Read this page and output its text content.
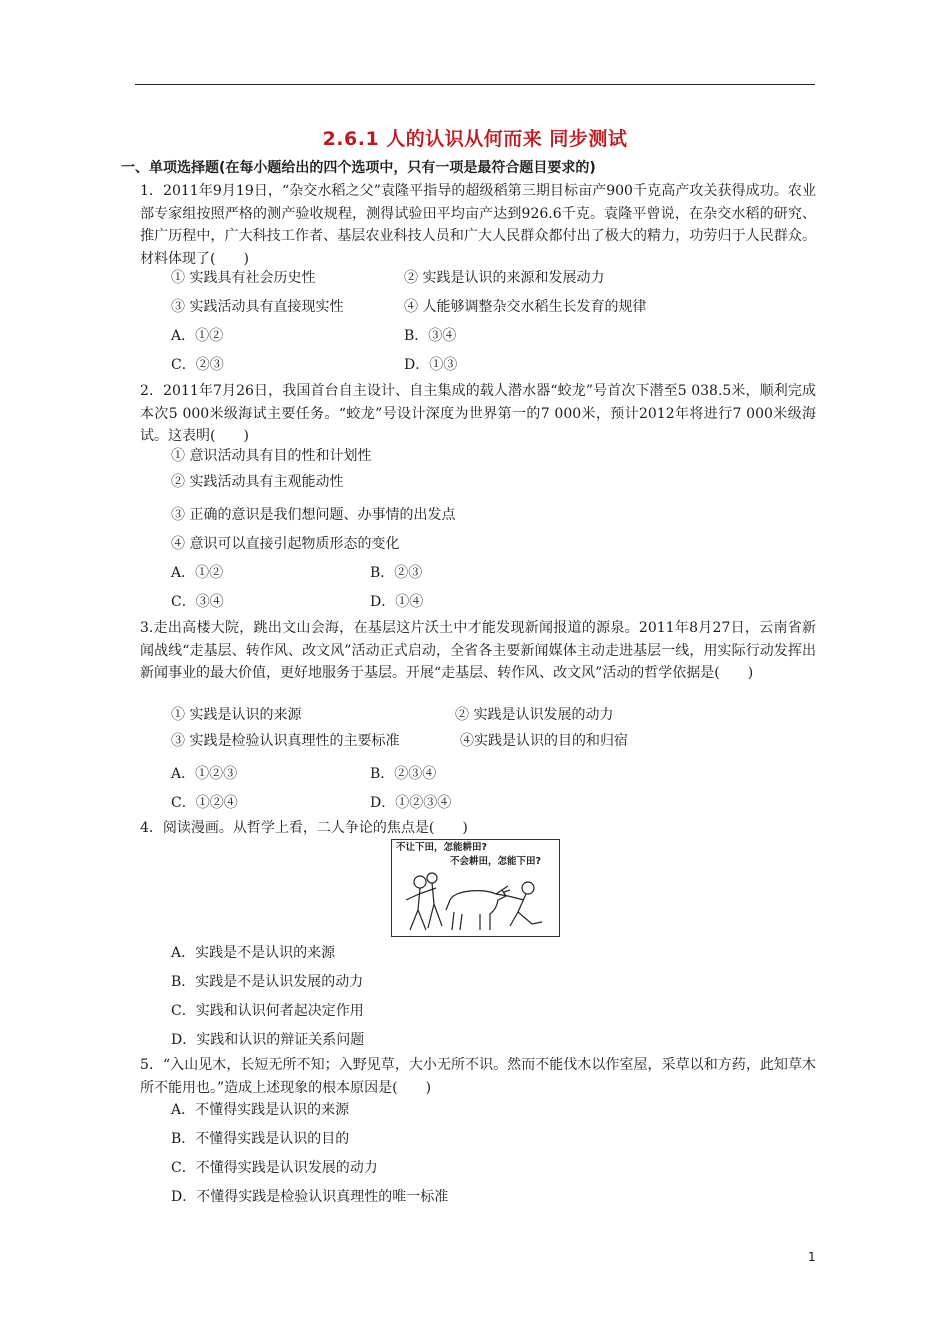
2.6.1 人的认识从何而来 同步测试
一、单项选择题(在每小题给出的四个选项中，只有一项是最符合题目要求的)
1．2011年9月19日，“杂交水稻之父”袁隆平指导的超级稻第三期目标亩产900千克高产攻关获得成功。农业部专家组按照严格的测产验收规程，测得试验田平均亩产达到926.6千克。袁隆平曾说，在杂交水稻的研究、推广历程中，广大科技工作者、基层农业科技人员和广大人民群众都付出了极大的精力，功劳归于人民群众。材料体现了(　　)
① 实践具有社会历史性	② 实践是认识的来源和发展动力
③ 实践活动具有直接现实性	④ 人能够调整杂交水稻生长发育的规律
A．①②	B．③④
C．②③	D．①③
2．2011年7月26日，我国首台自主设计、自主集成的载人潜水器“蛟龙”号首次下潜至5 038.5米，顺利完成本次5 000米级海试主要任务。“蛟龙”号设计深度为世界第一的7 000米，预计2012年将进行7 000米级海试。这表明(　　)
① 意识活动具有目的性和计划性
② 实践活动具有主观能动性
③ 正确的意识是我们想问题、办事情的出发点
④ 意识可以直接引起物质形态的变化
A．①②	B．②③
C．③④	D．①④
3.走出高楼大院，跳出文山会海，在基层这片沃土中才能发现新闻报道的源泉。2011年8月27日，云南省新闻战线“走基层、转作风、改文风”活动正式启动，全省各主要新闻媒体主动走进基层一线，用实际行动发挥出新闻事业的最大价值，更好地服务于基层。开展“走基层、转作风、改文风”活动的哲学依据是(　　)
① 实践是认识的来源	② 实践是认识发展的动力
③ 实践是检验认识真理性的主要标准	④实践是认识的目的和归宿
A．①②③	B．②③④
C．①②④	D．①②③④
4．阅读漫画。从哲学上看，二人争论的焦点是(　　)
不让下田，怎能耕田?
不会耕田，怎能下田?
A．实践是不是认识的来源
B．实践是不是认识发展的动力
C．实践和认识何者起决定作用
D．实践和认识的辩证关系问题
5．“入山见木，长短无所不知；入野见草，大小无所不识。然而不能伐木以作室屋，采草以和方药，此知草木所不能用也。”造成上述现象的根本原因是(　　)
A．不懂得实践是认识的来源
B．不懂得实践是认识的目的
C．不懂得实践是认识发展的动力
D．不懂得实践是检验认识真理性的唯一标准
1
